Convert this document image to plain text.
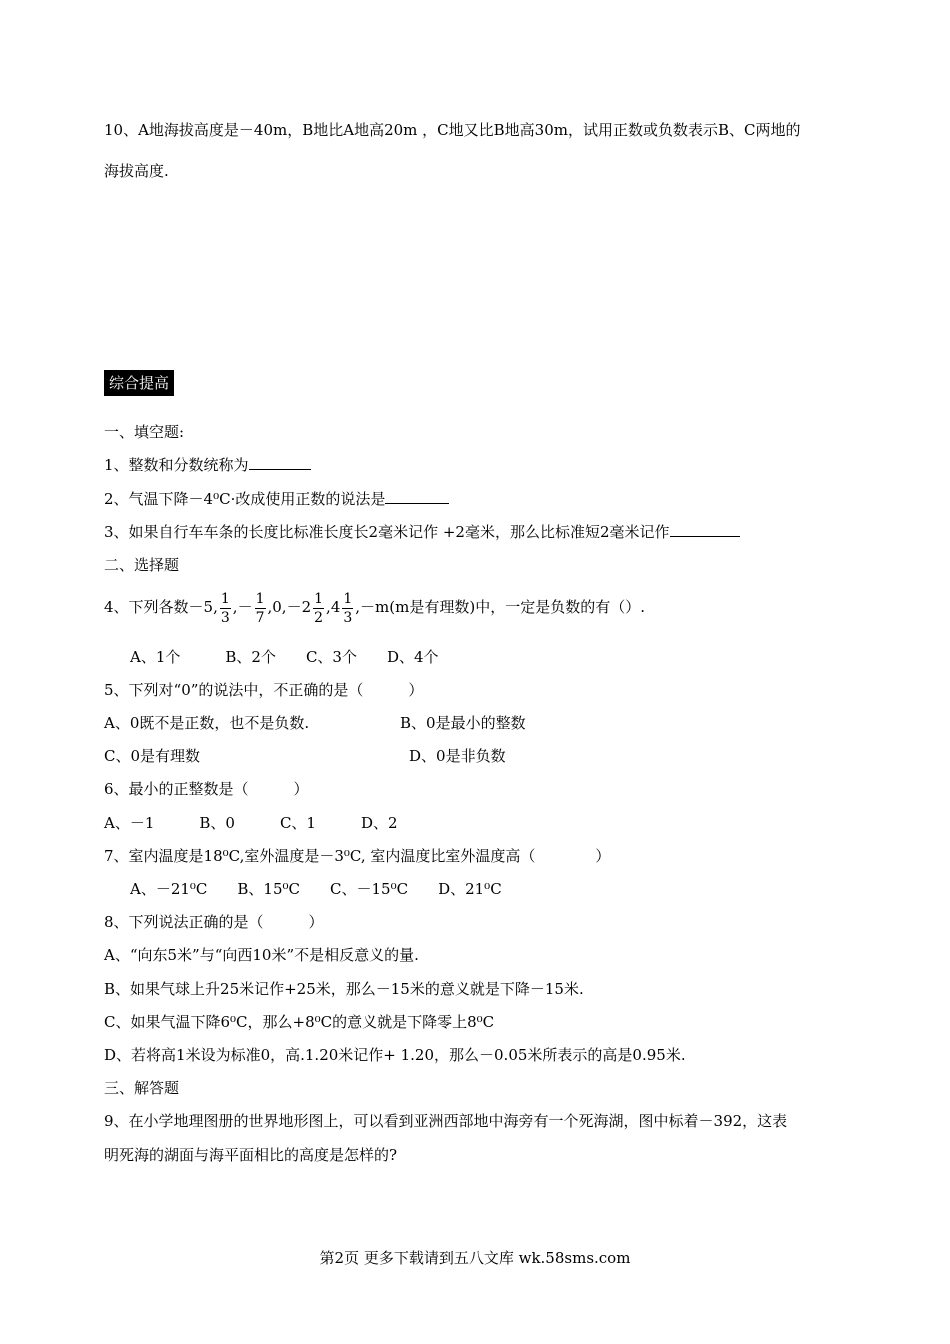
10、A地海拔高度是－40m，B地比A地高20m ，C地又比B地高30m，试用正数或负数表示B、C两地的
海拔高度.
综合提高
一、填空题:
1、整数和分数统称为
2、气温下降－4⁰C·改成使用正数的说法是
3、如果自行车车条的长度比标准长度长2毫米记作 +2毫米，那么比标准短2毫米记作
二、选择题
4、下列各数－5, $\frac{1}{3}$ ,－ $\frac{1}{7} ,0,-2 \frac{1}{2} ,4 \frac{1}{3} ,-m(m$是有理数)中，一定是负数的有（）.
A、1个　　　B、2个　　C、3个　　D、4个
5、下列对“0”的说法中，不正确的是（　　　）
A、0既不是正数，也不是负数.	B、0是最小的整数
C、0是有理数	D、0是非负数
6、最小的正整数是（　　　）
A、－1　　　B、0　　　C、1　　　D、2
7、室内温度是18⁰C,室外温度是－3⁰C, 室内温度比室外温度高（　　　　）
A、－21⁰C　　B、15⁰C　　C、－15⁰C　　D、21⁰C
8、下列说法正确的是（　　　）
A、“向东5米”与“向西10米”不是相反意义的量.
B、如果气球上升25米记作+25米，那么－15米的意义就是下降－15米.
C、如果气温下降6⁰C，那么+8⁰C的意义就是下降零上8⁰C
D、若将高1米设为标准0，高.1.20米记作+ 1.20，那么－0.05米所表示的高是0.95米.
三、解答题
9、在小学地理图册的世界地形图上，可以看到亚洲西部地中海旁有一个死海湖，图中标着－392，这表
明死海的湖面与海平面相比的高度是怎样的?
第2页 更多下载请到五八文库 wk.58sms.com
